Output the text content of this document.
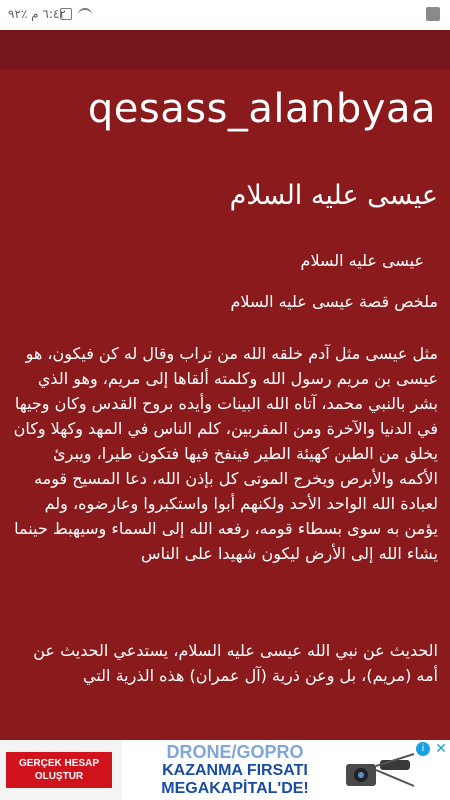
٦:٤٢ م ٪٩٢
qesass_alanbyaa
عيسى عليه السلام
عيسى عليه السلام
ملخص قصة عيسى عليه السلام
مثل عيسى مثل آدم خلقه الله من تراب وقال له كن فيكون، هو عيسى بن مريم رسول الله وكلمته ألقاها إلى مريم، وهو الذي بشر بالنبي محمد، آتاه الله البينات وأيده بروح القدس وكان وجيها في الدنيا والآخرة ومن المقربين، كلم الناس في المهد وكهلا وكان يخلق من الطين كهيئة الطير فينفخ فيها فتكون طيرا، ويبرئ الأكمه والأبرص ويخرج الموتى كل بإذن الله، دعا المسيح قومه لعبادة الله الواحد الأحد ولكنهم أبوا واستكبروا وعارضوه، ولم يؤمن به سوى بسطاء قومه، رفعه الله إلى السماء وسيهبط حينما يشاء الله إلى الأرض ليكون شهيدا على الناس
الحديث عن نبي الله عيسى عليه السلام، يستدعي الحديث عن أمه (مريم)، بل وعن ذرية (آل عمران) هذه الذرية التي
GERÇEK HESAP OLUŞTUR
DRONE/GOPRO
KAZANMA FIRSATI
MEGAKAPİTAL'DE!
i ✕
